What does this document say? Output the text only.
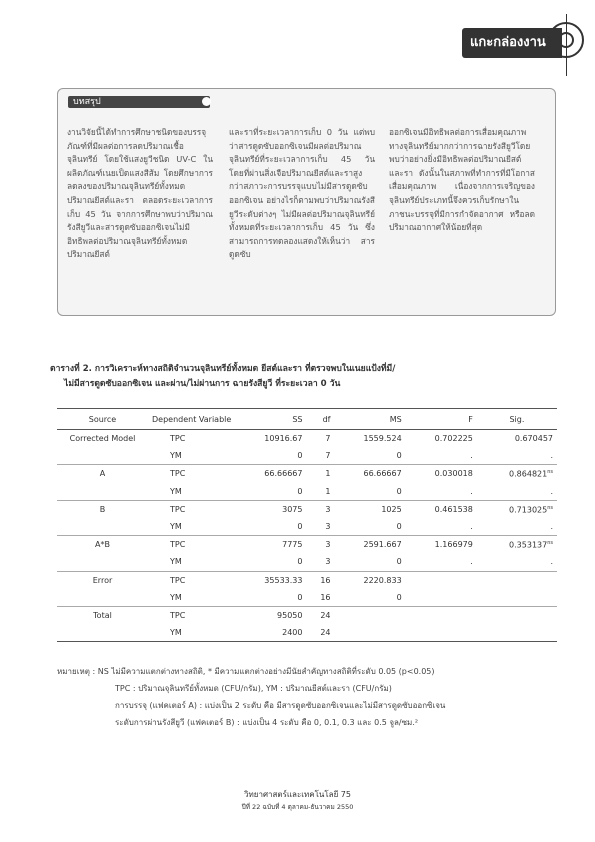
แกะกล่องงานวิจัย
บทสรุป
งานวิจัยนี้ได้ทำการศึกษาชนิดของบรรจุภัณฑ์ที่มีผลต่อการลดปริมาณเชื้อจุลินทรีย์ โดยใช้แสงยูวีชนิด UV-C ในผลิตภัณฑ์เนยเป็ดแสงสีส้ม โดยศึกษาการลดลงของปริมาณจุลินทรีย์ทั้งหมด ปริมาณยีสต์และรา ตลอดระยะเวลาการเก็บ 45 วัน จากการศึกษาพบว่าปริมาณรังสียูวีและสารดูดซับออกซิเจนไม่มีอิทธิพลต่อปริมาณจุลินทรีย์ทั้งหมด ปริมาณยีสต์
และราที่ระยะเวลาการเก็บ 0 วัน แต่พบว่าสารดูดซับออกซิเจนมีผลต่อปริมาณจุลินทรีย์ที่ระยะเวลาการเก็บ 45 วัน โดยที่ผ่านสิ่งเจือปริมาณยีสต์และราสูงกว่าสภาวะการบรรจุแบบไม่มีสารดูดซับออกซิเจน อย่างไรก็ตามพบว่าปริมาณรังสียูวีระดับต่างๆ ไม่มีผลต่อปริมาณจุลินทรีย์ทั้งหมดที่ระยะเวลาการเก็บ 45 วัน ซึ่งสามารถการทดลองแสดงให้เห็นว่า สารดูดซับ
ออกซิเจนมีอิทธิพลต่อการเสื่อมคุณภาพทางจุลินทรีย์มากกว่าการฉายรังสียูวีโดยพบว่าอย่างยิ่งมีอิทธิพลต่อปริมาณยีสต์และรา ดังนั้นในสภาพที่ทำการที่มีโอกาสเสื่อมคุณภาพ เนื่องจากการเจริญของจุลินทรีย์ประเภทนี้จึงควรเก็บรักษาในภาชนะบรรจุที่มีการกำจัดอากาศ หรือลดปริมาณอากาศให้น้อยที่สุด
ตารางที่ 2. การวิเคราะห์ทางสถิติจำนวนจุลินทรีย์ทั้งหมด ยีสต์และรา ที่ตรวจพบในเนยแป้งที่มี/
ไม่มีสารดูดซับออกซิเจน และผ่าน/ไม่ผ่านการ ฉายรังสียูวี ที่ระยะเวลา 0 วัน
Source	Dependent Variable	SS	df	MS	F	Sig.
Corrected Model	TPC	10916.67	7	1559.524	0.702225	0.670457
	YM	0	7	0	.	.
A	TPC	66.66667	1	66.66667	0.030018	$0.864821^{ns}$
	YM	0	1	0	.	.
B	TPC	3075	3	1025	0.461538	$0.713025^{ns}$
	YM	0	3	0	.	.
A*B	TPC	7775	3	2591.667	1.166979	$0.353137^{ns}$
	YM	0	3	0	.	.
Error	TPC	35533.33	16	2220.833		
	YM	0	16	0		
Total	TPC	95050	24			
	YM	2400	24			

หมายเหตุ : NS ไม่มีความแตกต่างทางสถิติ, * มีความแตกต่างอย่างมีนัยสำคัญทางสถิติที่ระดับ 0.05 (p<0.05)

TPC : ปริมาณจุลินทรีย์ทั้งหมด (CFU/กรัม), YM : ปริมาณยีสต์และรา (CFU/กรัม)

การบรรจุ (แฟคเตอร์ A) : แบ่งเป็น 2 ระดับ คือ มีสารดูดซับออกซิเจนและไม่มีสารดูดซับออกซิเจน

ระดับการผ่านรังสียูวี (แฟคเตอร์ B) : แบ่งเป็น 4 ระดับ คือ 0, 0.1, 0.3 และ 0.5 จูล/ซม.²

วิทยาศาสตร์และเทคโนโลยี 75
ปีที่ 22 ฉบับที่ 4 ตุลาคม-ธันวาคม 2550
